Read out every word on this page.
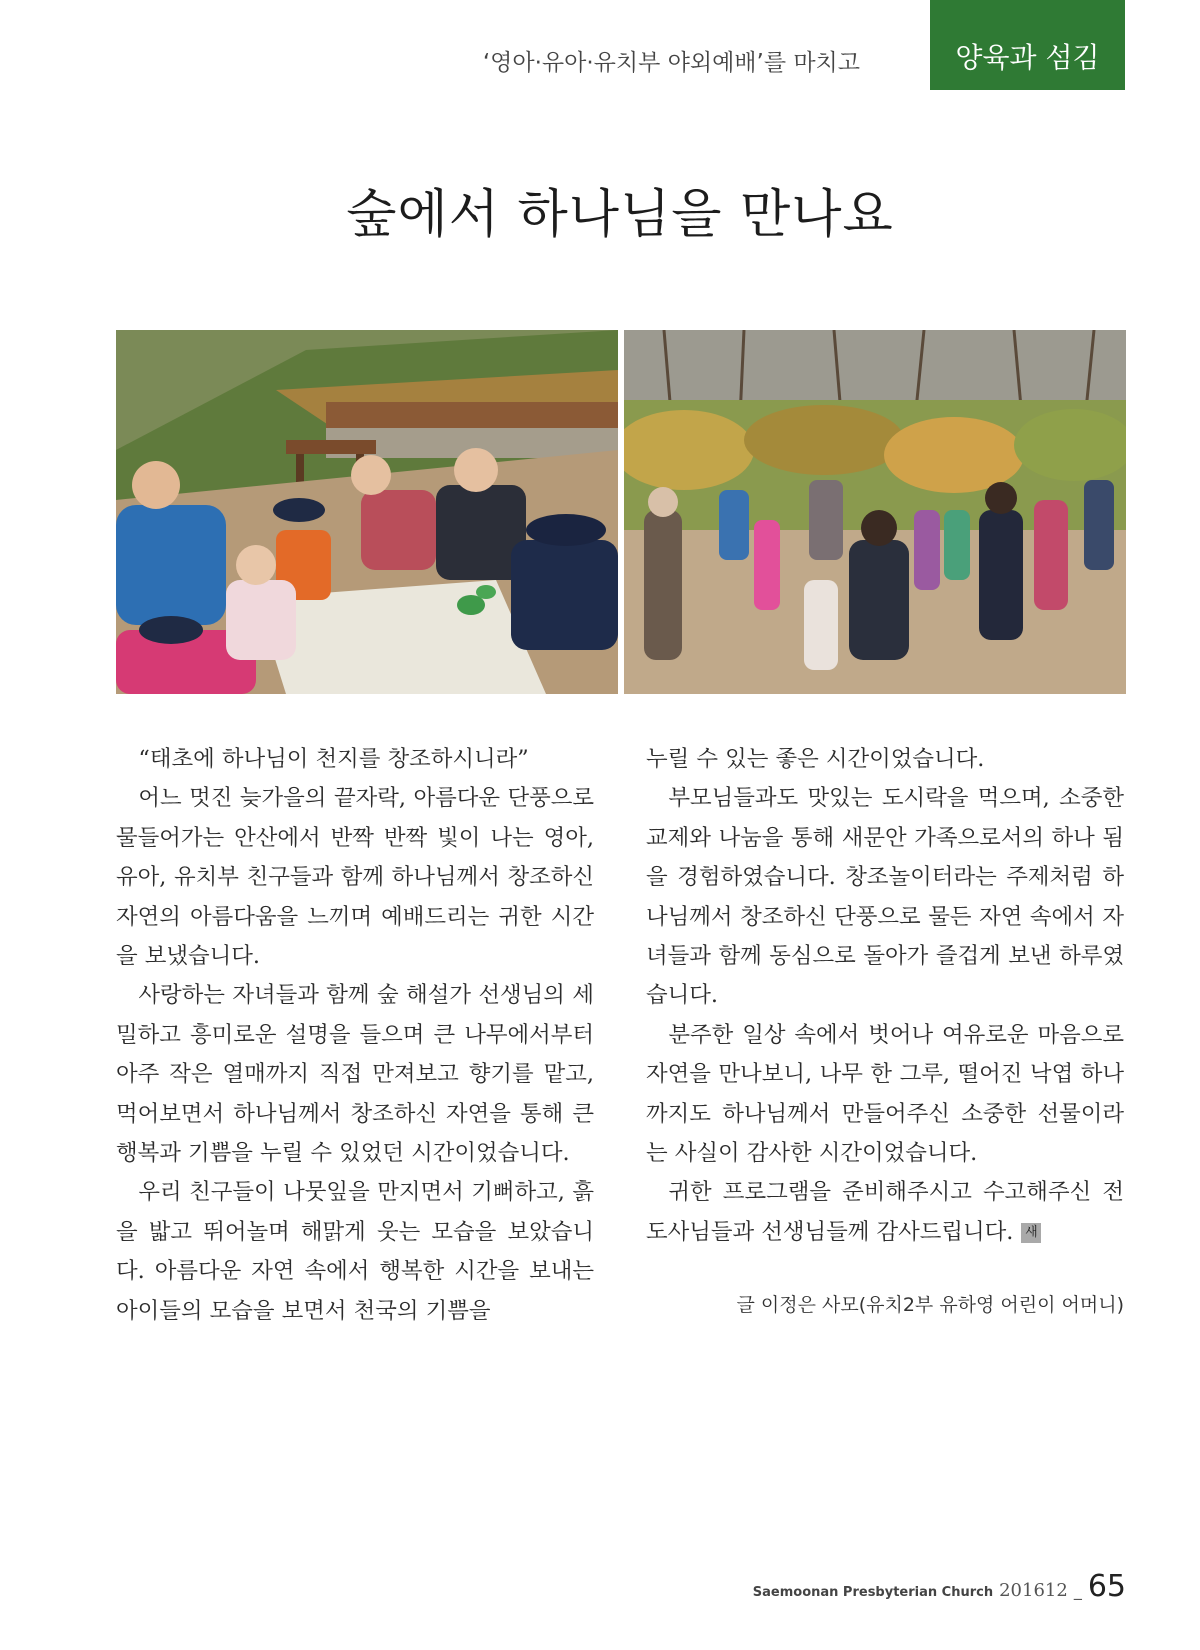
‘영아·유아·유치부 야외예배’를 마치고	양육과 섬김
숲에서 하나님을 만나요

“태초에 하나님이 천지를 창조하시니라”

어느 멋진 늦가을의 끝자락, 아름다운 단풍으로 물들어가는 안산에서 반짝 반짝 빛이 나는 영아, 유아, 유치부 친구들과 함께 하나님께서 창조하신 자연의 아름다움을 느끼며 예배드리는 귀한 시간을 보냈습니다.

사랑하는 자녀들과 함께 숲 해설가 선생님의 세밀하고 흥미로운 설명을 들으며 큰 나무에서부터 아주 작은 열매까지 직접 만져보고 향기를 맡고, 먹어보면서 하나님께서 창조하신 자연을 통해 큰 행복과 기쁨을 누릴 수 있었던 시간이었습니다.

우리 친구들이 나뭇잎을 만지면서 기뻐하고, 흙을 밟고 뛰어놀며 해맑게 웃는 모습을 보았습니다. 아름다운 자연 속에서 행복한 시간을 보내는 아이들의 모습을 보면서 천국의 기쁨을

누릴 수 있는 좋은 시간이었습니다.

부모님들과도 맛있는 도시락을 먹으며, 소중한 교제와 나눔을 통해 새문안 가족으로서의 하나 됨을 경험하였습니다. 창조놀이터라는 주제처럼 하나님께서 창조하신 단풍으로 물든 자연 속에서 자녀들과 함께 동심으로 돌아가 즐겁게 보낸 하루였습니다.

분주한 일상 속에서 벗어나 여유로운 마음으로 자연을 만나보니, 나무 한 그루, 떨어진 낙엽 하나까지도 하나님께서 만들어주신 소중한 선물이라는 사실이 감사한 시간이었습니다.

귀한 프로그램을 준비해주시고 수고해주신 전도사님들과 선생님들께 감사드립니다. 새

글 이정은 사모(유치2부 유하영 어린이 어머니)
Saemoonan Presbyterian Church 201612 _ 65
